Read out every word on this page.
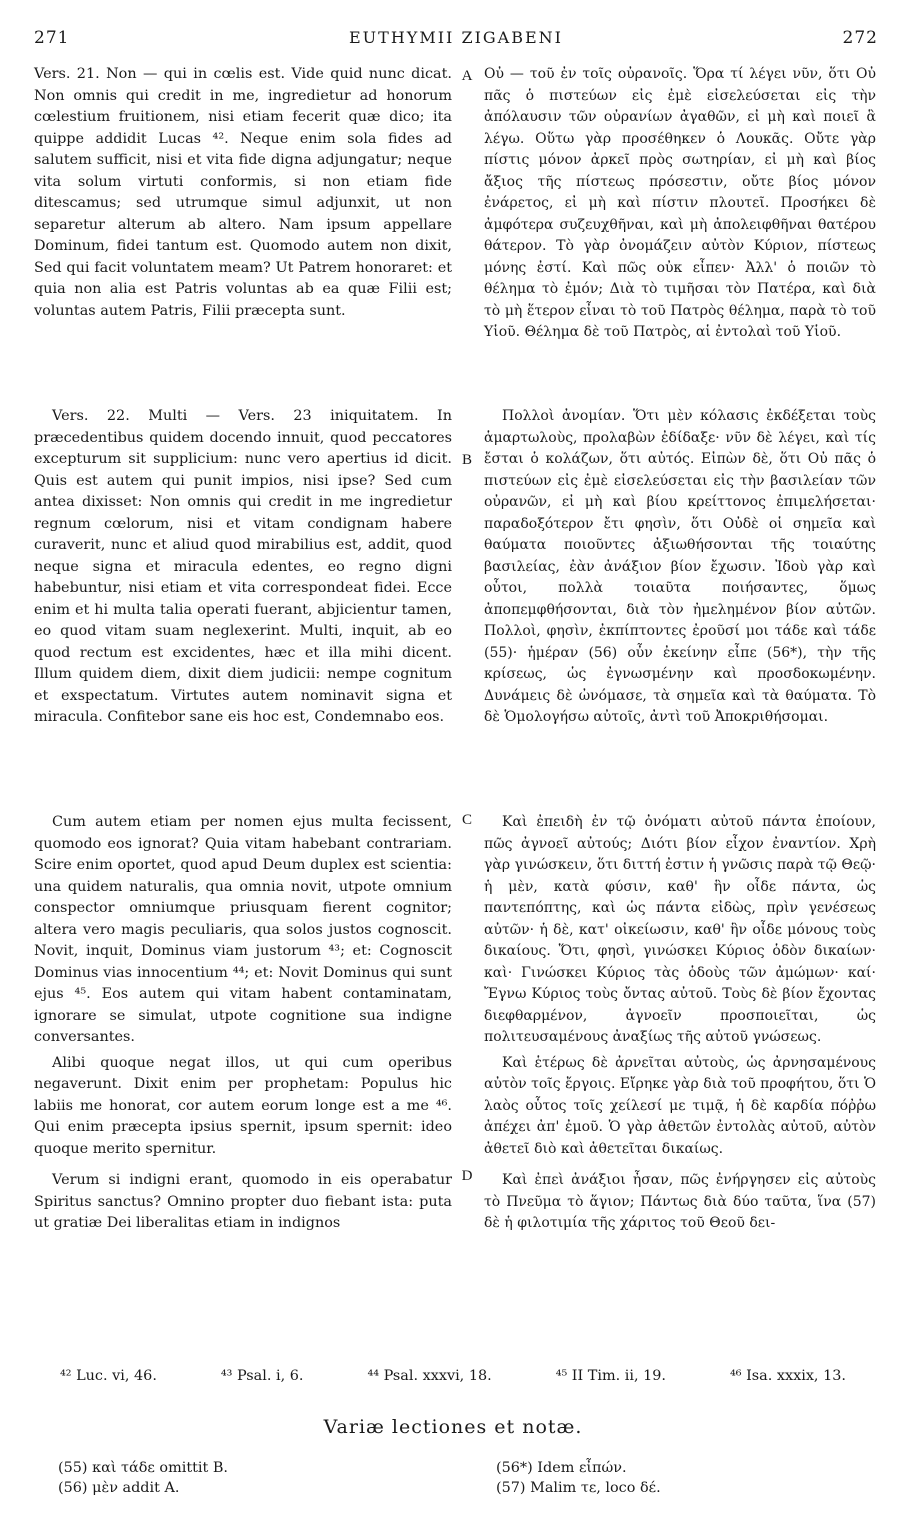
271	EUTHYMII ZIGABENI	272

Vers. 21. Non — qui in cœlis est. Vide quid nunc dicat. Non omnis qui credit in me, ingredietur ad honorum cœlestium fruitionem, nisi etiam fecerit quæ dico; ita quippe addidit Lucas ⁴². Neque enim sola fides ad salutem sufficit, nisi et vita fide digna adjungatur; neque vita solum virtuti conformis, si non etiam fide ditescamus; sed utrumque simul adjunxit, ut non separetur alterum ab altero. Nam ipsum appellare Dominum, fidei tantum est. Quomodo autem non dixit, Sed qui facit voluntatem meam? Ut Patrem honoraret: et quia non alia est Patris voluntas ab ea quæ Filii est; voluntas autem Patris, Filii præcepta sunt.

Οὐ — τοῦ ἐν τοῖς οὐρανοῖς. Ὅρα τί λέγει νῦν, ὅτι Οὐ πᾶς ὁ πιστεύων εἰς ἐμὲ εἰσελεύσεται εἰς τὴν ἀπόλαυσιν τῶν οὐρανίων ἀγαθῶν, εἰ μὴ καὶ ποιεῖ ἃ λέγω. Οὕτω γὰρ προσέθηκεν ὁ Λουκᾶς. Οὔτε γὰρ πίστις μόνον ἀρκεῖ πρὸς σωτηρίαν, εἰ μὴ καὶ βίος ἄξιος τῆς πίστεως πρόσεστιν, οὔτε βίος μόνον ἐνάρετος, εἰ μὴ καὶ πίστιν πλουτεῖ. Προσήκει δὲ ἀμφότερα συζευχθῆναι, καὶ μὴ ἀπολειφθῆναι θατέρου θάτερον. Τὸ γὰρ ὀνομάζειν αὐτὸν Κύριον, πίστεως μόνης ἐστί. Καὶ πῶς οὐκ εἶπεν· Ἀλλ' ὁ ποιῶν τὸ θέλημα τὸ ἐμόν; Διὰ τὸ τιμῆσαι τὸν Πατέρα, καὶ διὰ τὸ μὴ ἕτερον εἶναι τὸ τοῦ Πατρὸς θέλημα, παρὰ τὸ τοῦ Υἱοῦ. Θέλημα δὲ τοῦ Πατρὸς, αἱ ἐντολαὶ τοῦ Υἱοῦ.

Vers. 22. Multi — Vers. 23 iniquitatem. In præcedentibus quidem docendo innuit, quod peccatores excepturum sit supplicium: nunc vero apertius id dicit. Quis est autem qui punit impios, nisi ipse? Sed cum antea dixisset: Non omnis qui credit in me ingredietur regnum cœlorum, nisi et vitam condignam habere curaverit, nunc et aliud quod mirabilius est, addit, quod neque signa et miracula edentes, eo regno digni habebuntur, nisi etiam et vita correspondeat fidei. Ecce enim et hi multa talia operati fuerant, abjicientur tamen, eo quod vitam suam neglexerint. Multi, inquit, ab eo quod rectum est excidentes, hæc et illa mihi dicent. Illum quidem diem, dixit diem judicii: nempe cognitum et exspectatum. Virtutes autem nominavit signa et miracula. Confitebor sane eis hoc est, Condemnabo eos.

Πολλοὶ ἀνομίαν. Ὅτι μὲν κόλασις ἐκδέξεται τοὺς ἁμαρτωλοὺς, προλαβὼν ἐδίδαξε· νῦν δὲ λέγει, καὶ τίς ἔσται ὁ κολάζων, ὅτι αὐτός. Εἰπὼν δὲ, ὅτι Οὐ πᾶς ὁ πιστεύων εἰς ἐμὲ εἰσελεύσεται εἰς τὴν βασιλείαν τῶν οὐρανῶν, εἰ μὴ καὶ βίου κρείττονος ἐπιμελήσεται· παραδοξότερον ἔτι φησὶν, ὅτι Οὐδὲ οἱ σημεῖα καὶ θαύματα ποιοῦντες ἀξιωθήσονται τῆς τοιαύτης βασιλείας, ἐὰν ἀνάξιον βίον ἔχωσιν. Ἰδοὺ γὰρ καὶ οὗτοι, πολλὰ τοιαῦτα ποιήσαντες, ὅμως ἀποπεμφθήσονται, διὰ τὸν ἠμελημένον βίον αὐτῶν. Πολλοὶ, φησὶν, ἐκπίπτοντες ἐροῦσί μοι τάδε καὶ τάδε (55)· ἡμέραν (56) οὖν ἐκείνην εἶπε (56*), τὴν τῆς κρίσεως, ὡς ἐγνωσμένην καὶ προσδοκωμένην. Δυνάμεις δὲ ὠνόμασε, τὰ σημεῖα καὶ τὰ θαύματα. Τὸ δὲ Ὁμολογήσω αὐτοῖς, ἀντὶ τοῦ Ἀποκριθήσομαι.

Cum autem etiam per nomen ejus multa fecissent, quomodo eos ignorat? Quia vitam habebant contrariam. Scire enim oportet, quod apud Deum duplex est scientia: una quidem naturalis, qua omnia novit, utpote omnium conspector omniumque priusquam fierent cognitor; altera vero magis peculiaris, qua solos justos cognoscit. Novit, inquit, Dominus viam justorum ⁴³; et: Cognoscit Dominus vias innocentium ⁴⁴; et: Novit Dominus qui sunt ejus ⁴⁵. Eos autem qui vitam habent contaminatam, ignorare se simulat, utpote cognitione sua indigne conversantes.

Alibi quoque negat illos, ut qui cum operibus negaverunt. Dixit enim per prophetam: Populus hic labiis me honorat, cor autem eorum longe est a me ⁴⁶. Qui enim præcepta ipsius spernit, ipsum spernit: ideo quoque merito spernitur.

Verum si indigni erant, quomodo in eis operabatur Spiritus sanctus? Omnino propter duo fiebant ista: puta ut gratiæ Dei liberalitas etiam in indignos

Καὶ ἐπειδὴ ἐν τῷ ὀνόματι αὐτοῦ πάντα ἐποίουν, πῶς ἀγνοεῖ αὐτούς; Διότι βίον εἶχον ἐναντίον. Χρὴ γὰρ γινώσκειν, ὅτι διττή ἐστιν ἡ γνῶσις παρὰ τῷ Θεῷ· ἡ μὲν, κατὰ φύσιν, καθ' ἣν οἶδε πάντα, ὡς παντεπόπτης, καὶ ὡς πάντα εἰδὼς, πρὶν γενέσεως αὐτῶν· ἡ δὲ, κατ' οἰκείωσιν, καθ' ἣν οἶδε μόνους τοὺς δικαίους. Ὅτι, φησὶ, γινώσκει Κύριος ὁδὸν δικαίων· καὶ· Γινώσκει Κύριος τὰς ὁδοὺς τῶν ἀμώμων· καί· Ἔγνω Κύριος τοὺς ὄντας αὐτοῦ. Τοὺς δὲ βίον ἔχοντας διεφθαρμένον, ἀγνοεῖν προσποιεῖται, ὡς πολιτευσαμένους ἀναξίως τῆς αὐτοῦ γνώσεως.

Καὶ ἑτέρως δὲ ἀρνεῖται αὐτοὺς, ὡς ἀρνησαμένους αὐτὸν τοῖς ἔργοις. Εἴρηκε γὰρ διὰ τοῦ προφήτου, ὅτι Ὁ λαὸς οὗτος τοῖς χείλεσί με τιμᾷ, ἡ δὲ καρδία πόῤῥω ἀπέχει ἀπ' ἐμοῦ. Ὁ γὰρ ἀθετῶν ἐντολὰς αὐτοῦ, αὐτὸν ἀθετεῖ διὸ καὶ ἀθετεῖται δικαίως.

Καὶ ἐπεὶ ἀνάξιοι ἦσαν, πῶς ἐνήργησεν εἰς αὐτοὺς τὸ Πνεῦμα τὸ ἅγιον; Πάντως διὰ δύο ταῦτα, ἵνα (57) δὲ ἡ φιλοτιμία τῆς χάριτος τοῦ Θεοῦ δει-

A
B
C
D
⁴² Luc. vi, 46.	⁴³ Psal. i, 6.	⁴⁴ Psal. xxxvi, 18.	⁴⁵ II Tim. ii, 19.	⁴⁶ Isa. xxxix, 13.
Variæ lectiones et notæ.
(55) καὶ τάδε omittit B.
(56) μὲν addit A.
(56*) Idem εἶπών.
(57) Malim τε, loco δέ.
